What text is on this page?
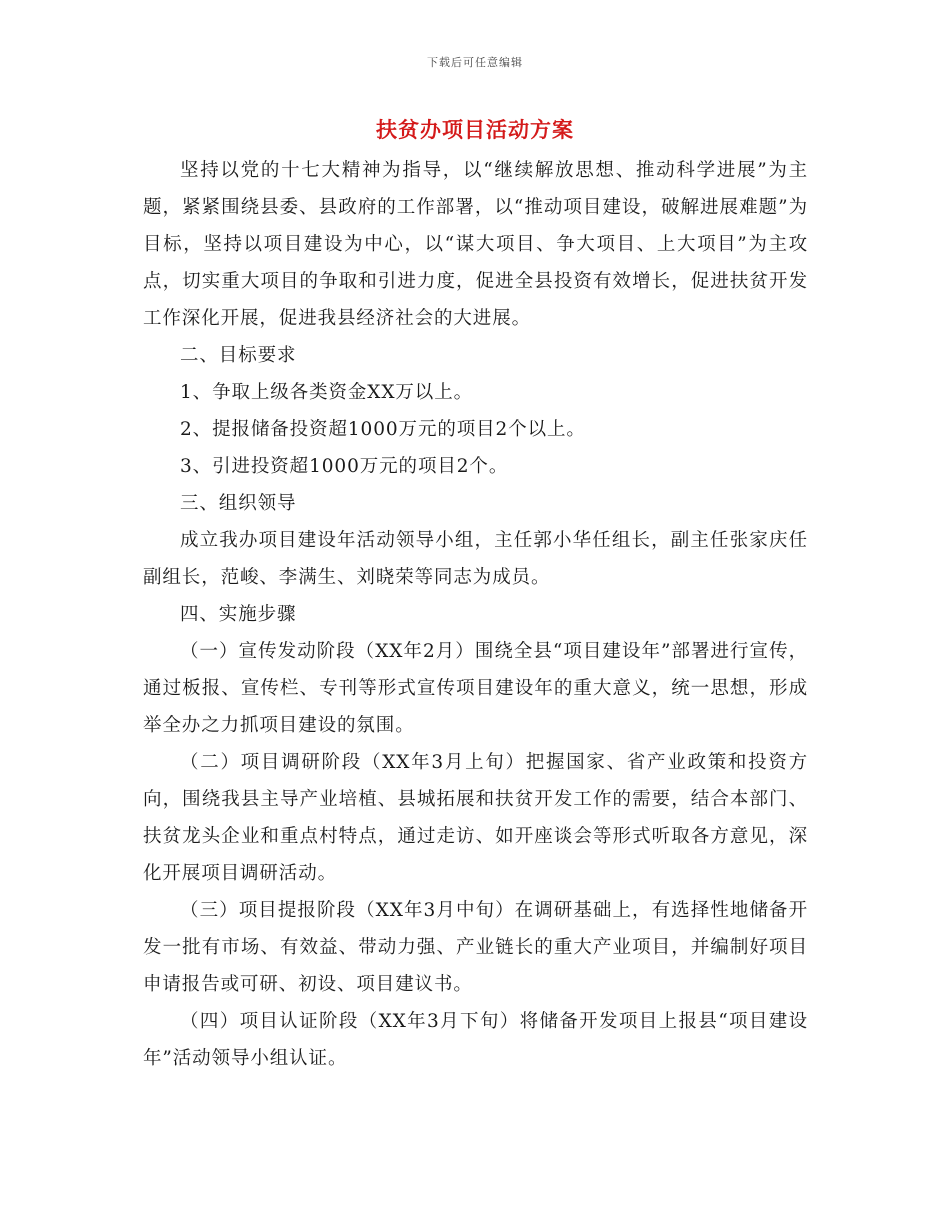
下载后可任意编辑
扶贫办项目活动方案

坚持以党的十七大精神为指导，以“继续解放思想、推动科学进展”为主题，紧紧围绕县委、县政府的工作部署，以“推动项目建设，破解进展难题”为目标，坚持以项目建设为中心，以“谋大项目、争大项目、上大项目”为主攻点，切实重大项目的争取和引进力度，促进全县投资有效增长，促进扶贫开发工作深化开展，促进我县经济社会的大进展。

二、目标要求

1、争取上级各类资金XX万以上。

2、提报储备投资超1000万元的项目2个以上。

3、引进投资超1000万元的项目2个。

三、组织领导

成立我办项目建设年活动领导小组，主任郭小华任组长，副主任张家庆任副组长，范峻、李满生、刘晓荣等同志为成员。

四、实施步骤

（一）宣传发动阶段（XX年2月）围绕全县“项目建设年”部署进行宣传，通过板报、宣传栏、专刊等形式宣传项目建设年的重大意义，统一思想，形成举全办之力抓项目建设的氛围。

（二）项目调研阶段（XX年3月上旬）把握国家、省产业政策和投资方向，围绕我县主导产业培植、县城拓展和扶贫开发工作的需要，结合本部门、扶贫龙头企业和重点村特点，通过走访、如开座谈会等形式听取各方意见，深化开展项目调研活动。

（三）项目提报阶段（XX年3月中旬）在调研基础上，有选择性地储备开发一批有市场、有效益、带动力强、产业链长的重大产业项目，并编制好项目申请报告或可研、初设、项目建议书。

（四）项目认证阶段（XX年3月下旬）将储备开发项目上报县“项目建设年”活动领导小组认证。
